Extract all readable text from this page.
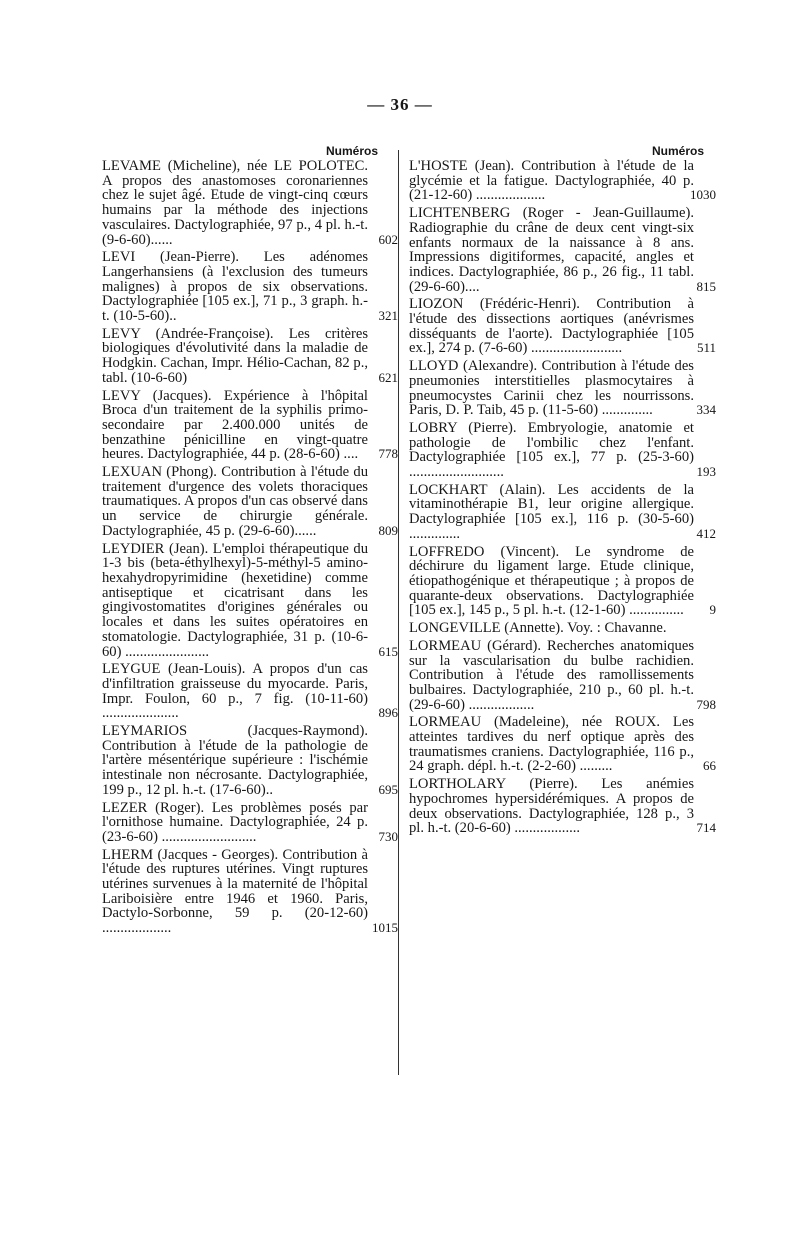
— 36 —
Numéros
LEVAME (Micheline), née LE POLOTEC. A propos des anastomoses coronariennes chez le sujet âgé. Etude de vingt-cinq cœurs humains par la méthode des injections vasculaires. Dactylographiée, 97 p., 4 pl. h.-t. (9-6-60)......	602
LEVI (Jean-Pierre). Les adénomes Langerhansiens (à l'exclusion des tumeurs malignes) à propos de six observations. Dactylographiée [105 ex.], 71 p., 3 graph. h.-t. (10-5-60)..	321
LEVY (Andrée-Françoise). Les critères biologiques d'évolutivité dans la maladie de Hodgkin. Cachan, Impr. Hélio-Cachan, 82 p., tabl. (10-6-60)	621
LEVY (Jacques). Expérience à l'hôpital Broca d'un traitement de la syphilis primo-secondaire par 2.400.000 unités de benzathine pénicilline en vingt-quatre heures. Dactylographiée, 44 p. (28-6-60) ....	778
LEXUAN (Phong). Contribution à l'étude du traitement d'urgence des volets thoraciques traumatiques. A propos d'un cas observé dans un service de chirurgie générale. Dactylographiée, 45 p. (29-6-60)......	809
LEYDIER (Jean). L'emploi thérapeutique du 1-3 bis (beta-éthylhexyl)-5-méthyl-5 amino-hexahydropyrimidine (hexetidine) comme antiseptique et cicatrisant dans les gingivostomatites d'origines générales ou locales et dans les suites opératoires en stomatologie. Dactylographiée, 31 p. (10-6-60) .......................	615
LEYGUE (Jean-Louis). A propos d'un cas d'infiltration graisseuse du myocarde. Paris, Impr. Foulon, 60 p., 7 fig. (10-11-60) .....................	896
LEYMARIOS (Jacques-Raymond). Contribution à l'étude de la pathologie de l'artère mésentérique supérieure : l'ischémie intestinale non nécrosante. Dactylographiée, 199 p., 12 pl. h.-t. (17-6-60)..	695
LEZER (Roger). Les problèmes posés par l'ornithose humaine. Dactylographiée, 24 p. (23-6-60) ..........................	730
LHERM (Jacques - Georges). Contribution à l'étude des ruptures utérines. Vingt ruptures utérines survenues à la maternité de l'hôpital Lariboisière entre 1946 et 1960. Paris, Dactylo-Sorbonne, 59 p. (20-12-60) ...................	1015
Numéros
L'HOSTE (Jean). Contribution à l'étude de la glycémie et la fatigue. Dactylographiée, 40 p. (21-12-60) ...................	1030
LICHTENBERG (Roger - Jean-Guillaume). Radiographie du crâne de deux cent vingt-six enfants normaux de la naissance à 8 ans. Impressions digitiformes, capacité, angles et indices. Dactylographiée, 86 p., 26 fig., 11 tabl. (29-6-60)....	815
LIOZON (Frédéric-Henri). Contribution à l'étude des dissections aortiques (anévrismes disséquants de l'aorte). Dactylographiée [105 ex.], 274 p. (7-6-60) .........................	511
LLOYD (Alexandre). Contribution à l'étude des pneumonies interstitielles plasmocytaires à pneumocystes Carinii chez les nourrissons. Paris, D. P. Taib, 45 p. (11-5-60) ..............	334
LOBRY (Pierre). Embryologie, anatomie et pathologie de l'ombilic chez l'enfant. Dactylographiée [105 ex.], 77 p. (25-3-60) ..........................	193
LOCKHART (Alain). Les accidents de la vitaminothérapie B1, leur origine allergique. Dactylographiée [105 ex.], 116 p. (30-5-60) ..............	412
LOFFREDO (Vincent). Le syndrome de déchirure du ligament large. Etude clinique, étiopathogénique et thérapeutique ; à propos de quarante-deux observations. Dactylographiée [105 ex.], 145 p., 5 pl. h.-t. (12-1-60) ...............	9
LONGEVILLE (Annette). Voy. : Chavanne.
LORMEAU (Gérard). Recherches anatomiques sur la vascularisation du bulbe rachidien. Contribution à l'étude des ramollissements bulbaires. Dactylographiée, 210 p., 60 pl. h.-t. (29-6-60) ..................	798
LORMEAU (Madeleine), née ROUX. Les atteintes tardives du nerf optique après des traumatismes craniens. Dactylographiée, 116 p., 24 graph. dépl. h.-t. (2-2-60) .........	66
LORTHOLARY (Pierre). Les anémies hypochromes hypersidérémiques. A propos de deux observations. Dactylographiée, 128 p., 3 pl. h.-t. (20-6-60) ..................	714
